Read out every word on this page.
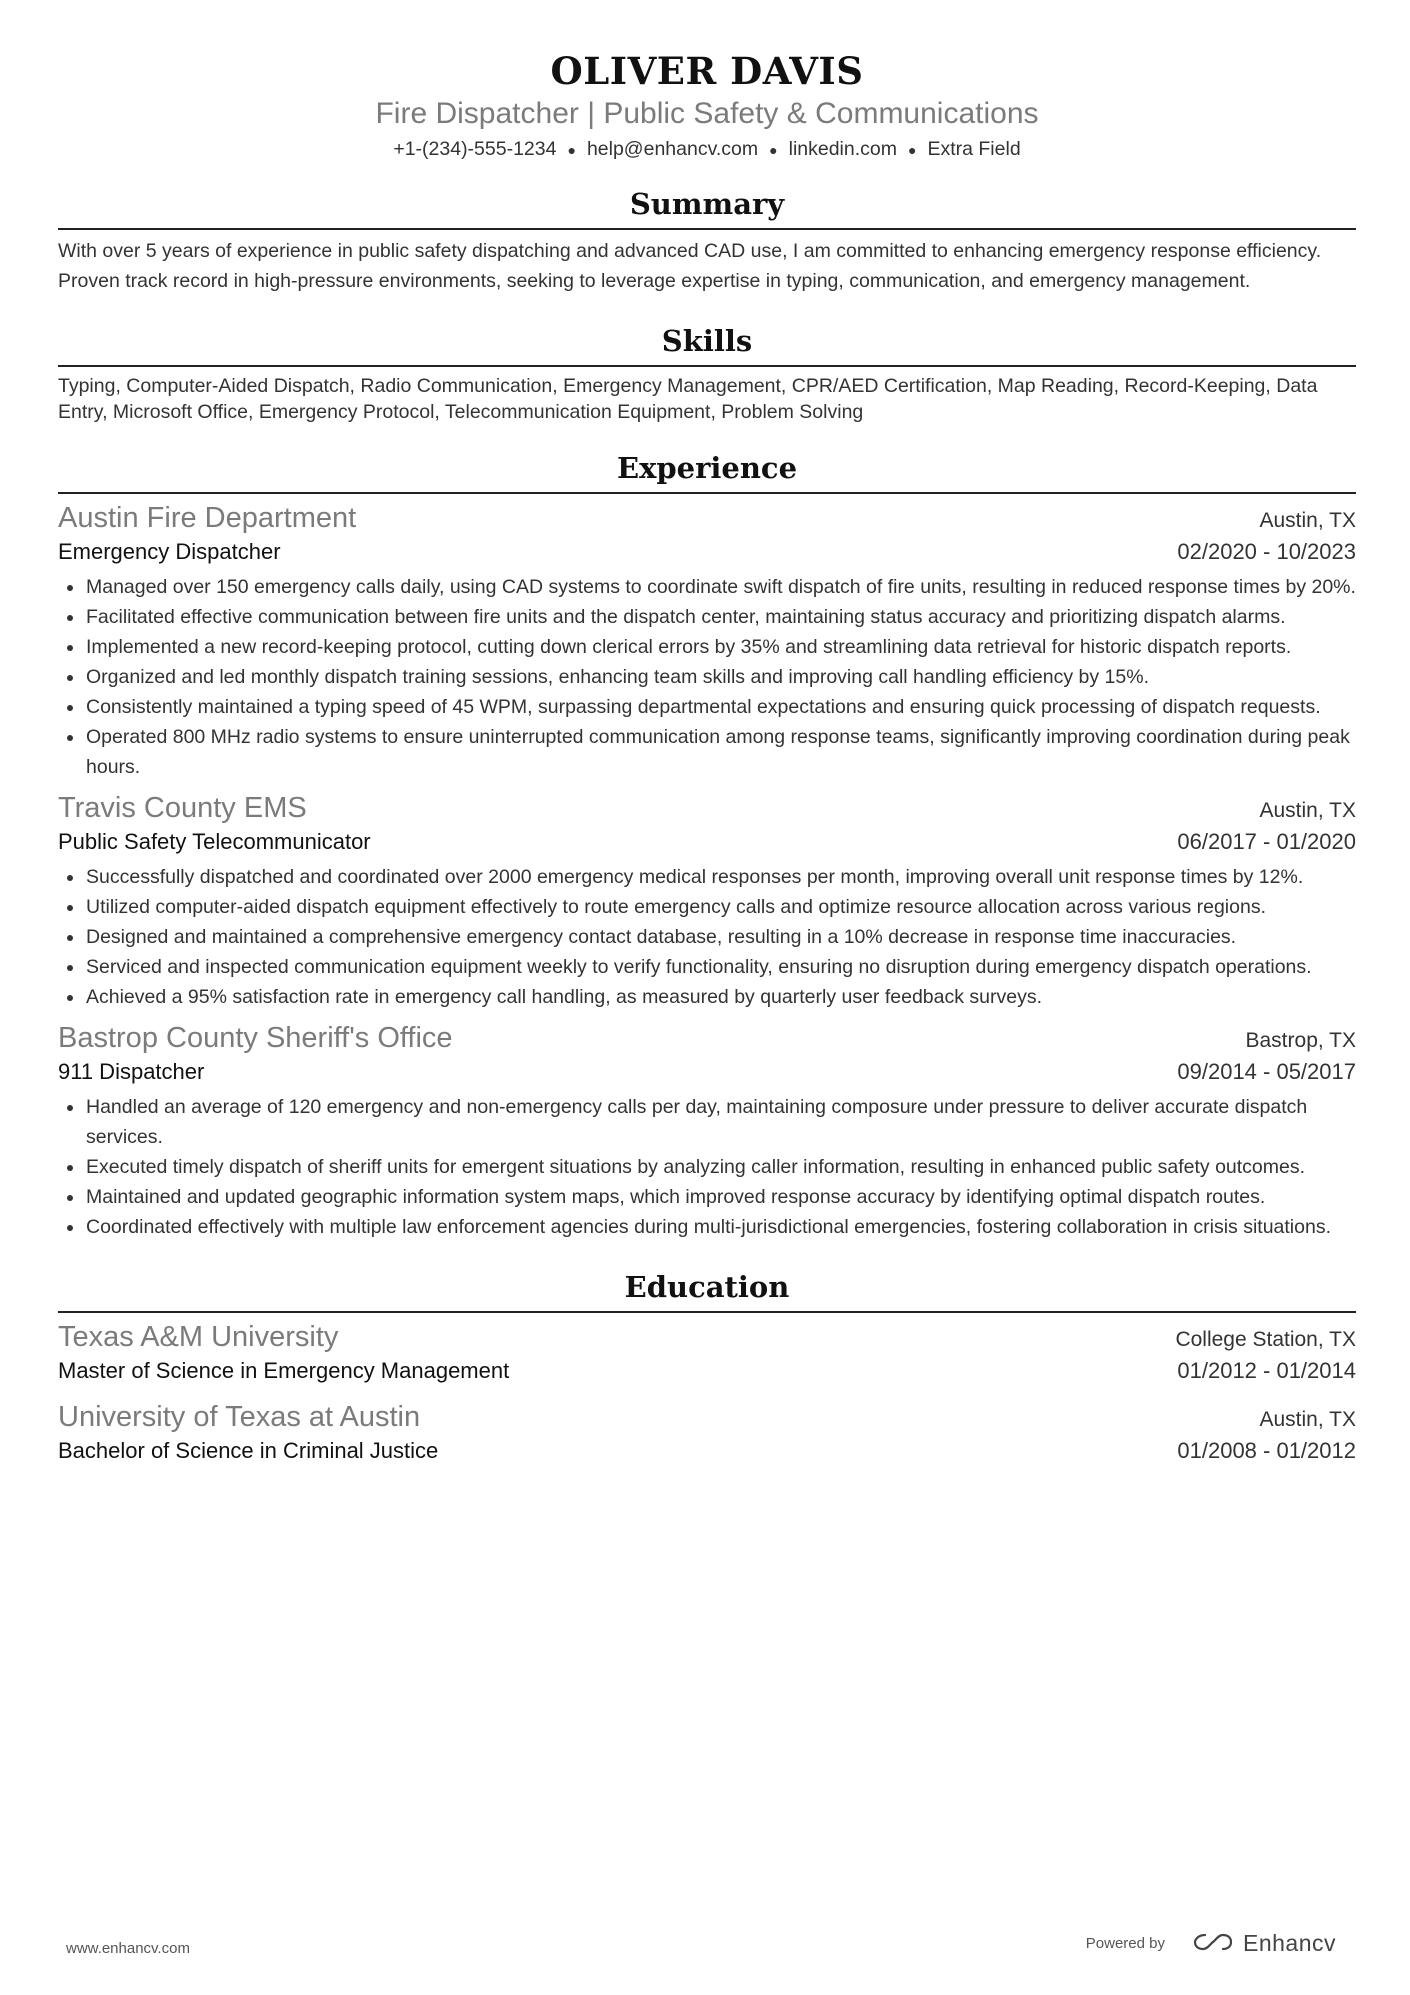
OLIVER DAVIS
Fire Dispatcher | Public Safety & Communications
+1-(234)-555-1234 ● help@enhancv.com ● linkedin.com ● Extra Field
Summary
With over 5 years of experience in public safety dispatching and advanced CAD use, I am committed to enhancing emergency response efficiency. Proven track record in high-pressure environments, seeking to leverage expertise in typing, communication, and emergency management.
Skills
Typing, Computer-Aided Dispatch, Radio Communication, Emergency Management, CPR/AED Certification, Map Reading, Record-Keeping, Data Entry, Microsoft Office, Emergency Protocol, Telecommunication Equipment, Problem Solving
Experience
Austin Fire Department	Austin, TX
Emergency Dispatcher	02/2020 - 10/2023
Managed over 150 emergency calls daily, using CAD systems to coordinate swift dispatch of fire units, resulting in reduced response times by 20%.
Facilitated effective communication between fire units and the dispatch center, maintaining status accuracy and prioritizing dispatch alarms.
Implemented a new record-keeping protocol, cutting down clerical errors by 35% and streamlining data retrieval for historic dispatch reports.
Organized and led monthly dispatch training sessions, enhancing team skills and improving call handling efficiency by 15%.
Consistently maintained a typing speed of 45 WPM, surpassing departmental expectations and ensuring quick processing of dispatch requests.
Operated 800 MHz radio systems to ensure uninterrupted communication among response teams, significantly improving coordination during peak hours.
Travis County EMS	Austin, TX
Public Safety Telecommunicator	06/2017 - 01/2020
Successfully dispatched and coordinated over 2000 emergency medical responses per month, improving overall unit response times by 12%.
Utilized computer-aided dispatch equipment effectively to route emergency calls and optimize resource allocation across various regions.
Designed and maintained a comprehensive emergency contact database, resulting in a 10% decrease in response time inaccuracies.
Serviced and inspected communication equipment weekly to verify functionality, ensuring no disruption during emergency dispatch operations.
Achieved a 95% satisfaction rate in emergency call handling, as measured by quarterly user feedback surveys.
Bastrop County Sheriff's Office	Bastrop, TX
911 Dispatcher	09/2014 - 05/2017
Handled an average of 120 emergency and non-emergency calls per day, maintaining composure under pressure to deliver accurate dispatch services.
Executed timely dispatch of sheriff units for emergent situations by analyzing caller information, resulting in enhanced public safety outcomes.
Maintained and updated geographic information system maps, which improved response accuracy by identifying optimal dispatch routes.
Coordinated effectively with multiple law enforcement agencies during multi-jurisdictional emergencies, fostering collaboration in crisis situations.
Education
Texas A&M University	College Station, TX
Master of Science in Emergency Management	01/2012 - 01/2014
University of Texas at Austin	Austin, TX
Bachelor of Science in Criminal Justice	01/2008 - 01/2012
www.enhancv.com	Powered by	Enhancv
